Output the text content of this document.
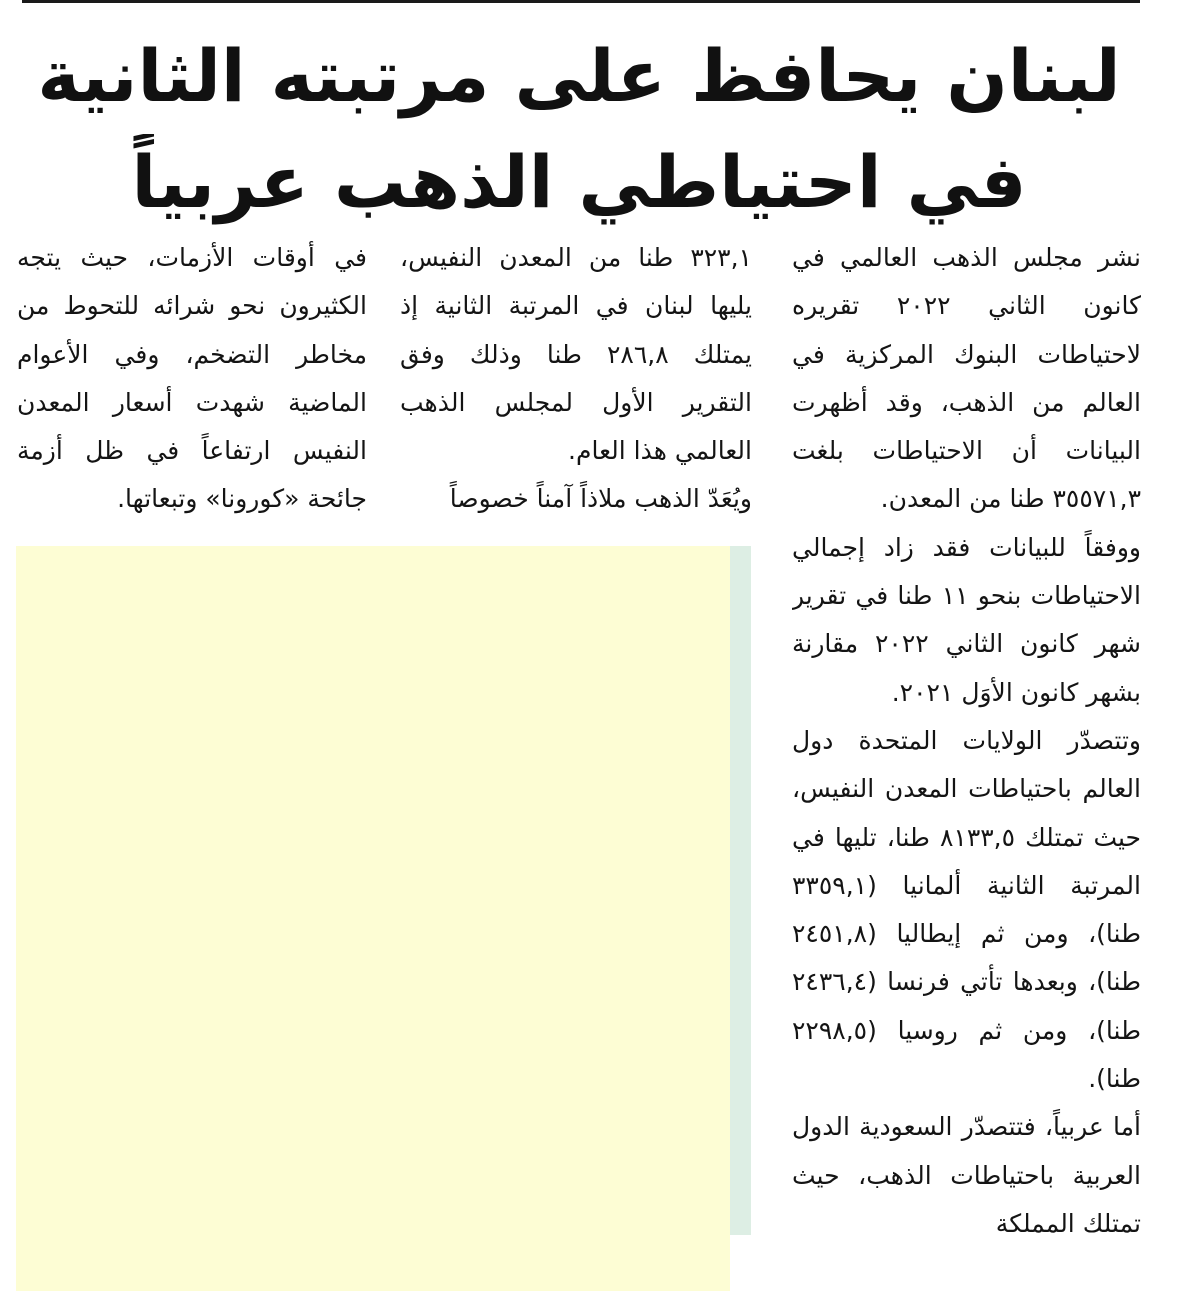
لبنان يحافظ على مرتبته الثانية
في احتياطي الذهب عربياً

نشر مجلس الذهب العالمي في كانون الثاني ٢٠٢٢ تقريره لاحتياطات البنوك المركزية في العالم من الذهب، وقد أظهرت البيانات أن الاحتياطات بلغت ٣٥٥٧١,٣ طنا من المعدن.

ووفقاً للبيانات فقد زاد إجمالي الاحتياطات بنحو ١١ طنا في تقرير شهر كانون الثاني ٢٠٢٢ مقارنة بشهر كانون الأوَل ٢٠٢١.

وتتصدّر الولايات المتحدة دول العالم باحتياطات المعدن النفيس، حيث تمتلك ٨١٣٣,٥ طنا، تليها في المرتبة الثانية ألمانيا (٣٣٥٩,١ طنا)، ومن ثم إيطاليا (٢٤٥١,٨ طنا)، وبعدها تأتي فرنسا (٢٤٣٦,٤ طنا)، ومن ثم روسيا (٢٢٩٨,٥ طنا).

أما عربياً، فتتصدّر السعودية الدول العربية باحتياطات الذهب، حيث تمتلك المملكة

٣٢٣,١ طنا من المعدن النفيس، يليها لبنان في المرتبة الثانية إذ يمتلك ٢٨٦,٨ طنا وذلك وفق التقرير الأول لمجلس الذهب العالمي هذا العام.

ويُعَدّ الذهب ملاذاً آمناً خصوصاً

في أوقات الأزمات، حيث يتجه الكثيرون نحو شرائه للتحوط من مخاطر التضخم، وفي الأعوام الماضية شهدت أسعار المعدن النفيس ارتفاعاً في ظل أزمة جائحة «كورونا» وتبعاتها.
